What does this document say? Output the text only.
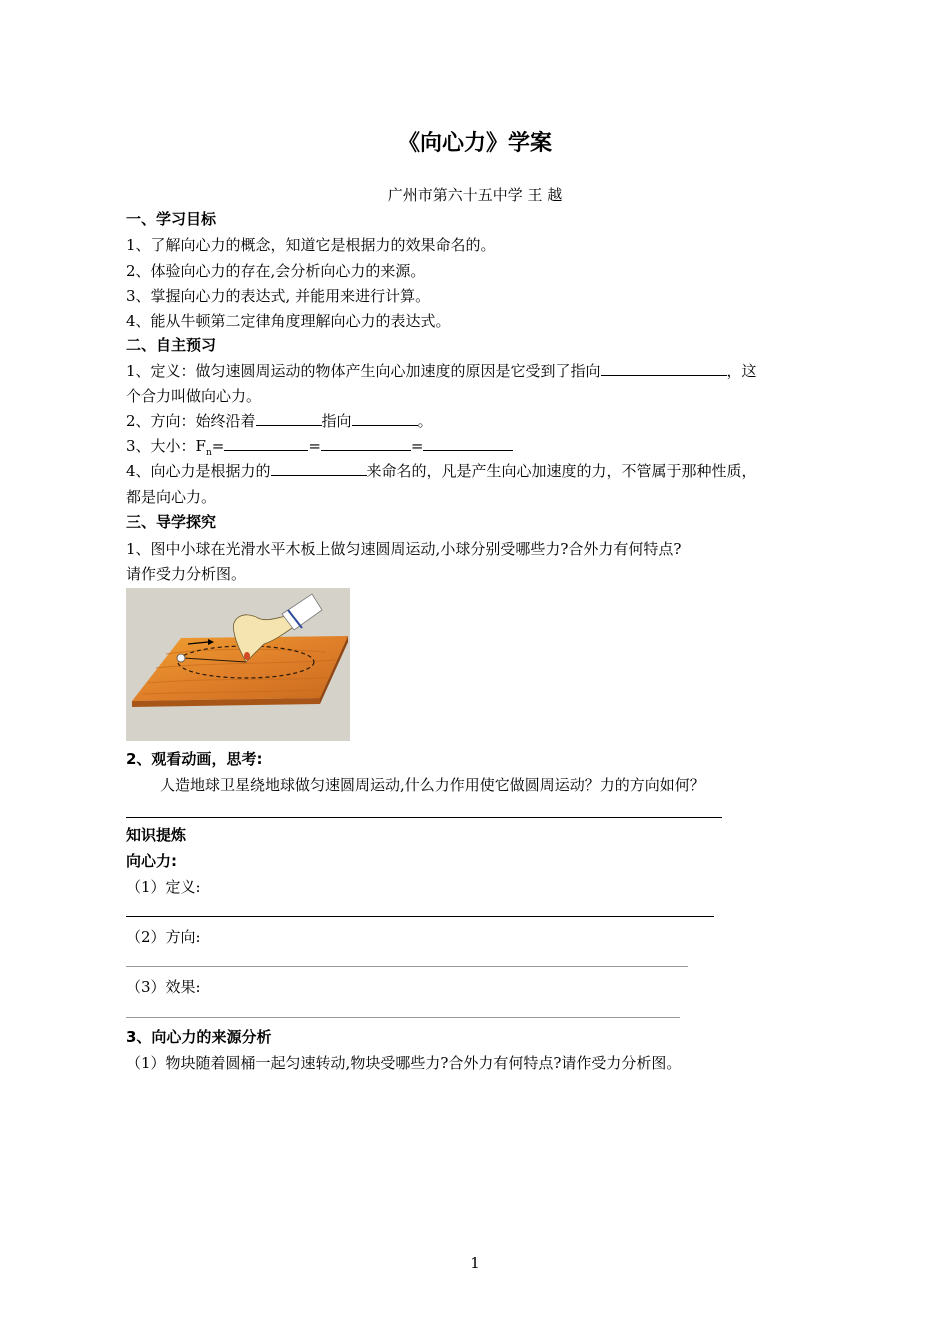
《向心力》学案
广州市第六十五中学 王 越
一、学习目标
1、了解向心力的概念，知道它是根据力的效果命名的。
2、体验向心力的存在,会分析向心力的来源。
3、掌握向心力的表达式, 并能用来进行计算。
4、能从牛顿第二定律角度理解向心力的表达式。
二、自主预习
1、定义：做匀速圆周运动的物体产生向心加速度的原因是它受到了指向	，这
个合力叫做向心力。
2、方向：始终沿着	指向	。
3、大小：$F_n=$	=	=
4、向心力是根据力的	来命名的，凡是产生向心加速度的力，不管属于那种性质，
都是向心力。
三、导学探究
1、图中小球在光滑水平木板上做匀速圆周运动,小球分别受哪些力?合外力有何特点?
请作受力分析图。
2、观看动画，思考:
人造地球卫星绕地球做匀速圆周运动,什么力作用使它做圆周运动？力的方向如何？
知识提炼
向心力:
（1）定义:
（2）方向:
（3）效果:
3、向心力的来源分析
（1）物块随着圆桶一起匀速转动,物块受哪些力?合外力有何特点?请作受力分析图。
1
